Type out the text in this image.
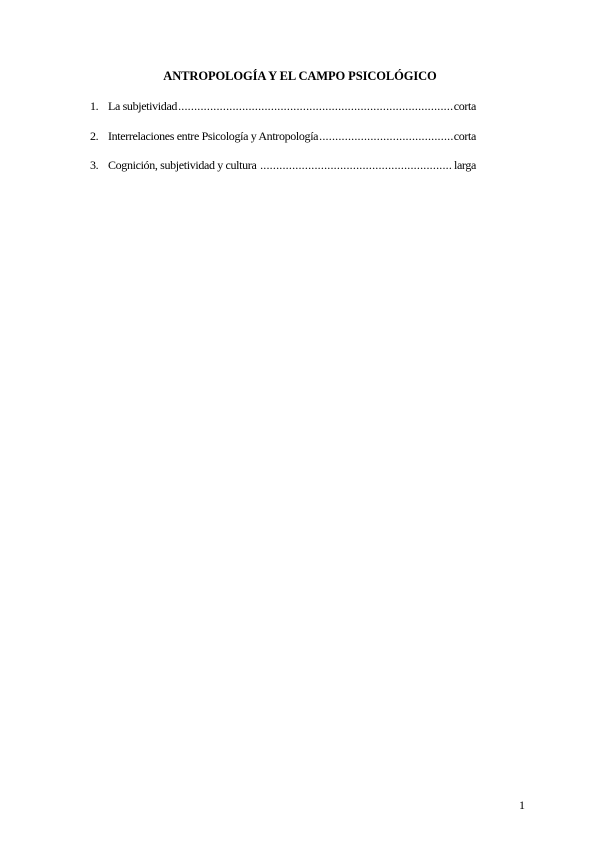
ANTROPOLOGÍA Y EL CAMPO PSICOLÓGICO
1. La subjetividad .....	corta
2. Interrelaciones entre Psicología y Antropología .....	corta
3. Cognición, subjetividad y cultura .....	larga
1
